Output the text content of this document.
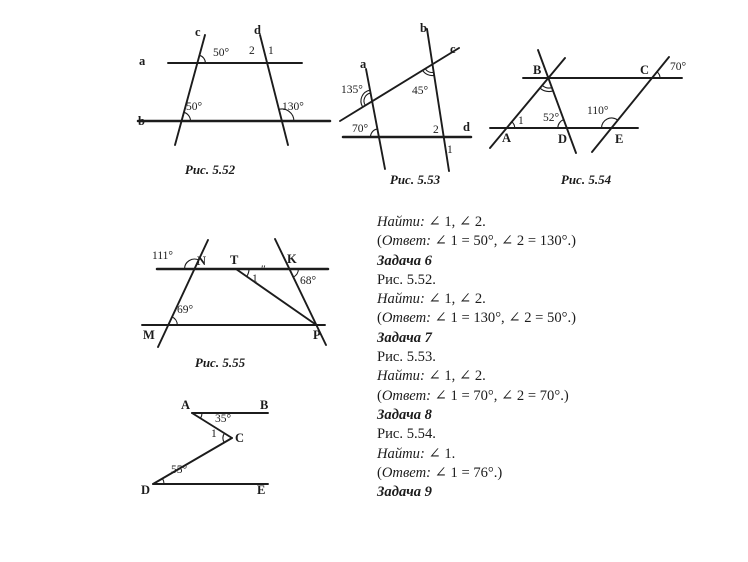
a
b
c	d
50° 2 1
50°	130°
Рис. 5.52
a
b
c
d
135°	45°
70°	2
1
Рис. 5.53
B	C
A	D	E
1 52°
110°
70°
Рис. 5.54
111° N T	K
M	P
69°
68°
1
″
Рис. 5.55
A	B
C
D	E
35°
1
55°
Найти: ∠ 1, ∠ 2.
(Ответ: ∠ 1 = 50°, ∠ 2 = 130°.)
Задача 6
Рис. 5.52.
Найти: ∠ 1, ∠ 2.
(Ответ: ∠ 1 = 130°, ∠ 2 = 50°.)
Задача 7
Рис. 5.53.
Найти: ∠ 1, ∠ 2.
(Ответ: ∠ 1 = 70°, ∠ 2 = 70°.)
Задача 8
Рис. 5.54.
Найти: ∠ 1.
(Ответ: ∠ 1 = 76°.)
Задача 9
